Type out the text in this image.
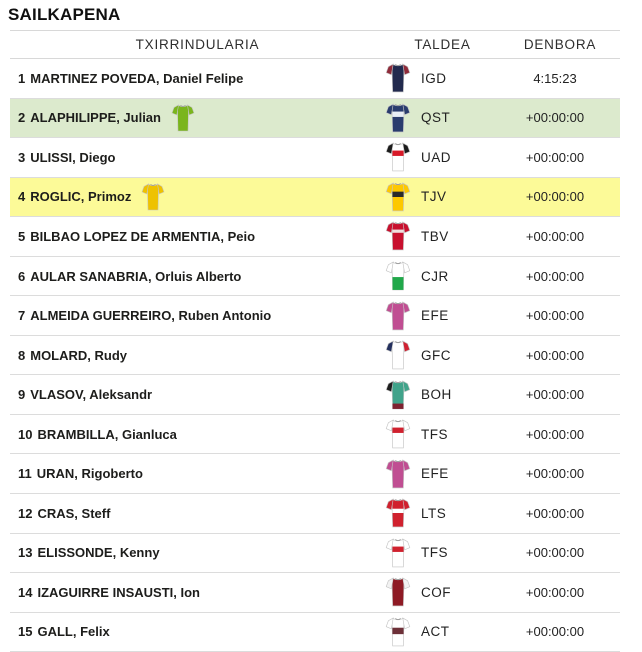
SAILKAPENA
TXIRRINDULARIA	TALDEA	DENBORA
1 MARTINEZ POVEDA, Daniel Felipe	IGD	4:15:23
2 ALAPHILIPPE, Julian	QST	+00:00:00
3 ULISSI, Diego	UAD	+00:00:00
4 ROGLIC, Primoz	TJV	+00:00:00
5 BILBAO LOPEZ DE ARMENTIA, Peio	TBV	+00:00:00
6 AULAR SANABRIA, Orluis Alberto	CJR	+00:00:00
7 ALMEIDA GUERREIRO, Ruben Antonio	EFE	+00:00:00
8 MOLARD, Rudy	GFC	+00:00:00
9 VLASOV, Aleksandr	BOH	+00:00:00
10 BRAMBILLA, Gianluca	TFS	+00:00:00
11 URAN, Rigoberto	EFE	+00:00:00
12 CRAS, Steff	LTS	+00:00:00
13 ELISSONDE, Kenny	TFS	+00:00:00
14 IZAGUIRRE INSAUSTI, Ion	COF	+00:00:00
15 GALL, Felix	ACT	+00:00:00
